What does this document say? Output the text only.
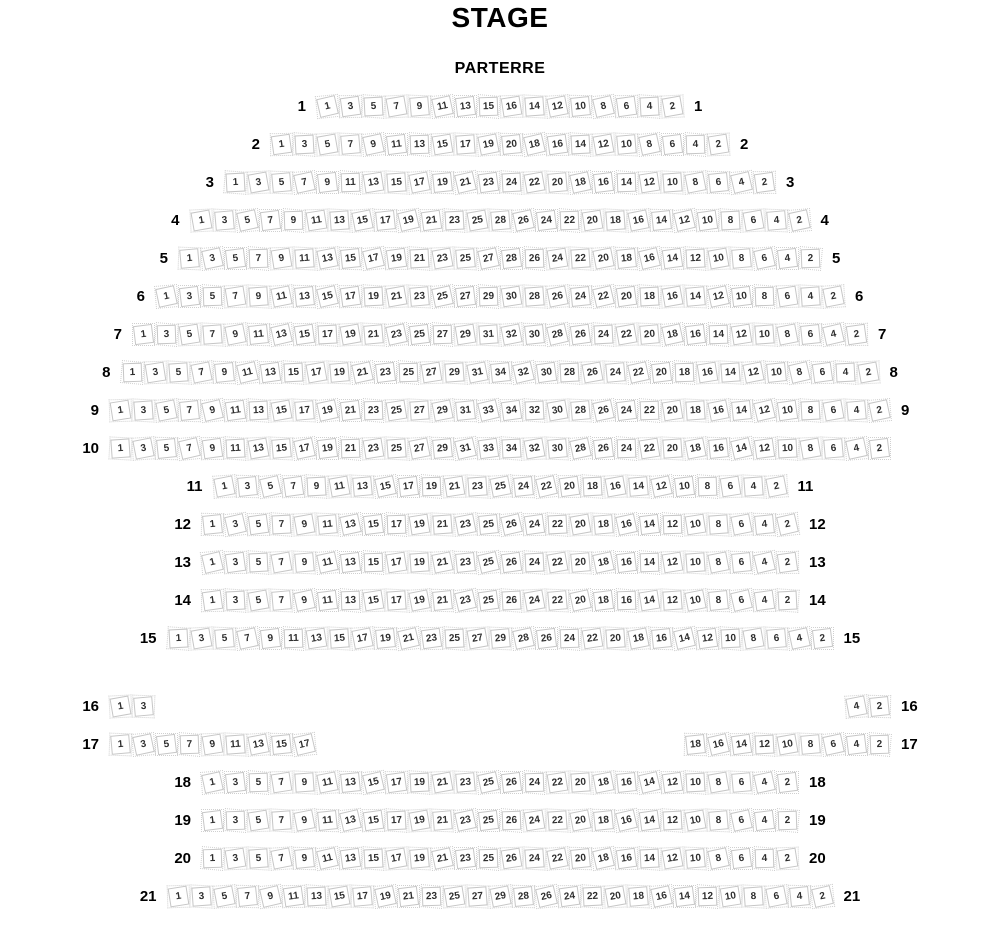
STAGE
PARTERRE
1 1 3 5 7 9 11 13 15 16 14 12 10 8 6 4 2 1
2 1 3 5 7 9 11 13 15 17 19 20 18 16 14 12 10 8 6 4 2 2
3 1 3 5 7 9 11 13 15 17 19 21 23 24 22 20 18 16 14 12 10 8 6 4 2 3
4 1 3 5 7 9 11 13 15 17 19 21 23 25 28 26 24 22 20 18 16 14 12 10 8 6 4 2 4
5 1 3 5 7 9 11 13 15 17 19 21 23 25 27 28 26 24 22 20 18 16 14 12 10 8 6 4 2 5
6 1 3 5 7 9 11 13 15 17 19 21 23 25 27 29 30 28 26 24 22 20 18 16 14 12 10 8 6 4 2 6
7 1 3 5 7 9 11 13 15 17 19 21 23 25 27 29 31 32 30 28 26 24 22 20 18 16 14 12 10 8 6 4 2 7
8 1 3 5 7 9 11 13 15 17 19 21 23 25 27 29 31 34 32 30 28 26 24 22 20 18 16 14 12 10 8 6 4 2 8
9 1 3 5 7 9 11 13 15 17 19 21 23 25 27 29 31 33 34 32 30 28 26 24 22 20 18 16 14 12 10 8 6 4 2 9
10 1 3 5 7 9 11 13 15 17 19 21 23 25 27 29 31 33 34 32 30 28 26 24 22 20 18 16 14 12 10 8 6 4 2
11 1 3 5 7 9 11 13 15 17 19 21 23 25 24 22 20 18 16 14 12 10 8 6 4 2 11
12 1 3 5 7 9 11 13 15 17 19 21 23 25 26 24 22 20 18 16 14 12 10 8 6 4 2 12
13 1 3 5 7 9 11 13 15 17 19 21 23 25 26 24 22 20 18 16 14 12 10 8 6 4 2 13
14 1 3 5 7 9 11 13 15 17 19 21 23 25 26 24 22 20 18 16 14 12 10 8 6 4 2 14
15 1 3 5 7 9 11 13 15 17 19 21 23 25 27 29 28 26 24 22 20 18 16 14 12 10 8 6 4 2 15
16 1 3	4 2 16
17 1 3 5 7 9 11 13 15 17	18 16 14 12 10 8 6 4 2 17
18 1 3 5 7 9 11 13 15 17 19 21 23 25 26 24 22 20 18 16 14 12 10 8 6 4 2 18
19 1 3 5 7 9 11 13 15 17 19 21 23 25 26 24 22 20 18 16 14 12 10 8 6 4 2 19
20 1 3 5 7 9 11 13 15 17 19 21 23 25 26 24 22 20 18 16 14 12 10 8 6 4 2 20
21 1 3 5 7 9 11 13 15 17 19 21 23 25 27 29 28 26 24 22 20 18 16 14 12 10 8 6 4 2 21
